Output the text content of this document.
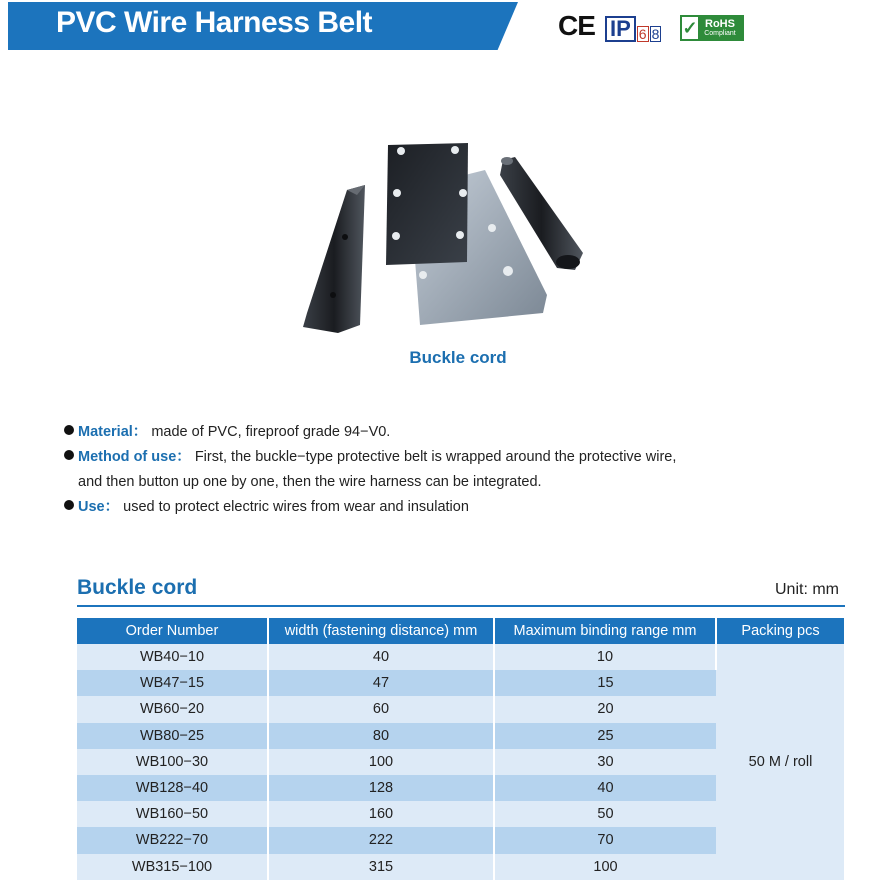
PVC Wire Harness Belt	CE IP 6 8 ✓ RoHS
Compliant
Buckle cord
Material： made of PVC, fireproof grade 94−V0.
Method of use： First, the buckle−type protective belt is wrapped around the protective wire,
and then button up one by one, then the wire harness can be integrated.
Use： used to protect electric wires from wear and insulation
Buckle cord	Unit: mm
Order Number	width (fastening distance) mm	Maximum binding range mm	Packing pcs
WB40−10	40	10	50 M / roll
WB47−15	47	15	
WB60−20	60	20	
WB80−25	80	25	
WB100−30	100	30	
WB128−40	128	40	
WB160−50	160	50	
WB222−70	222	70	
WB315−100	315	100	
